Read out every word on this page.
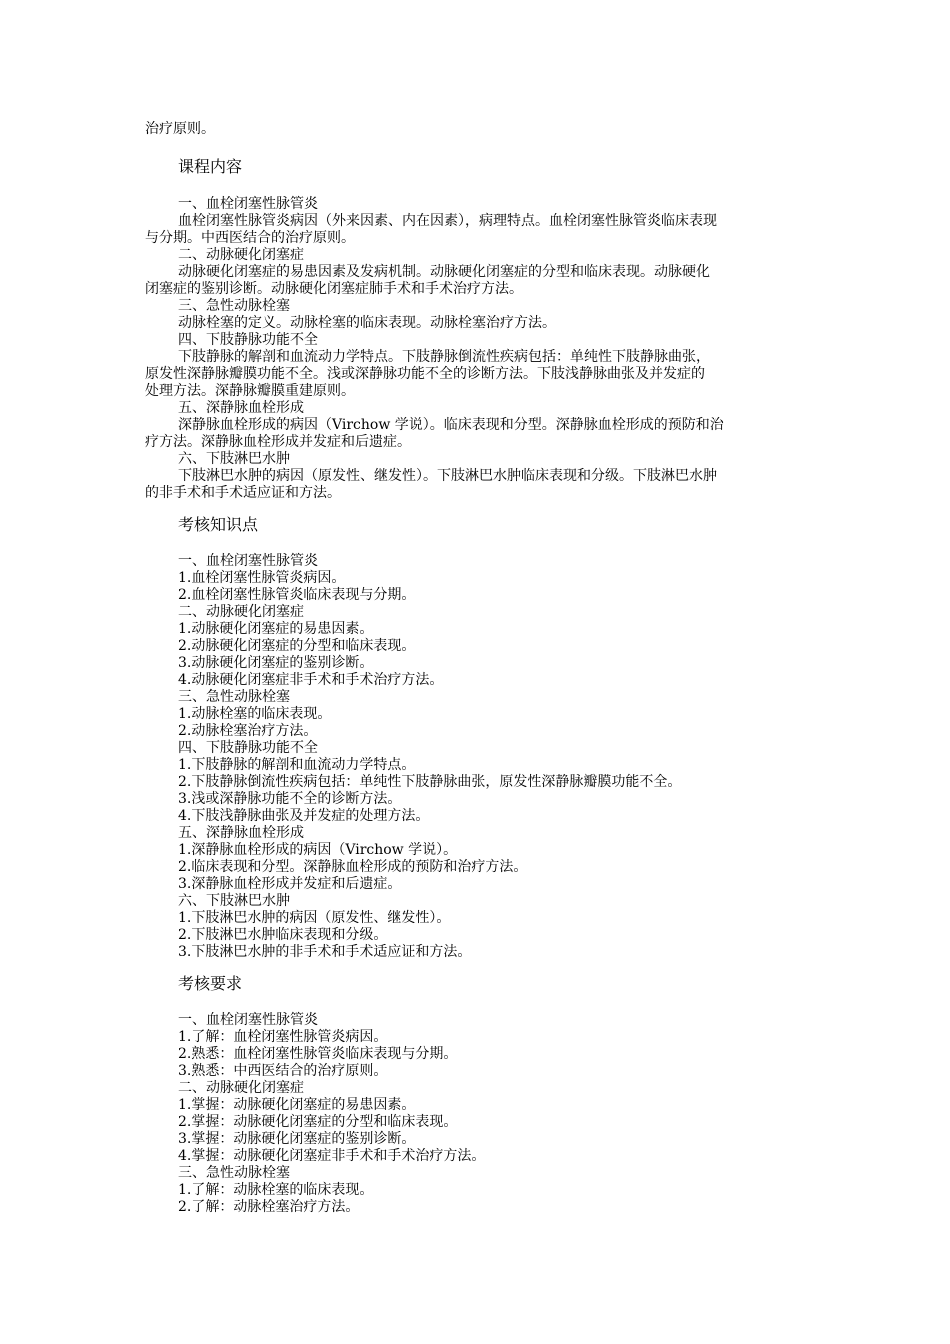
治疗原则。
课程内容
一、血栓闭塞性脉管炎
血栓闭塞性脉管炎病因（外来因素、内在因素），病理特点。血栓闭塞性脉管炎临床表现
与分期。中西医结合的治疗原则。
二、动脉硬化闭塞症
动脉硬化闭塞症的易患因素及发病机制。动脉硬化闭塞症的分型和临床表现。动脉硬化
闭塞症的鉴别诊断。动脉硬化闭塞症肺手术和手术治疗方法。
三、急性动脉栓塞
动脉栓塞的定义。动脉栓塞的临床表现。动脉栓塞治疗方法。
四、下肢静脉功能不全
下肢静脉的解剖和血流动力学特点。下肢静脉倒流性疾病包括：单纯性下肢静脉曲张，
原发性深静脉瓣膜功能不全。浅或深静脉功能不全的诊断方法。下肢浅静脉曲张及并发症的
处理方法。深静脉瓣膜重建原则。
五、深静脉血栓形成
深静脉血栓形成的病因（Virchow 学说）。临床表现和分型。深静脉血栓形成的预防和治
疗方法。深静脉血栓形成并发症和后遗症。
六、下肢淋巴水肿
下肢淋巴水肿的病因（原发性、继发性）。下肢淋巴水肿临床表现和分级。下肢淋巴水肿
的非手术和手术适应证和方法。
考核知识点
一、血栓闭塞性脉管炎
1.血栓闭塞性脉管炎病因。
2.血栓闭塞性脉管炎临床表现与分期。
二、动脉硬化闭塞症
1.动脉硬化闭塞症的易患因素。
2.动脉硬化闭塞症的分型和临床表现。
3.动脉硬化闭塞症的鉴别诊断。
4.动脉硬化闭塞症非手术和手术治疗方法。
三、急性动脉栓塞
1.动脉栓塞的临床表现。
2.动脉栓塞治疗方法。
四、下肢静脉功能不全
1.下肢静脉的解剖和血流动力学特点。
2.下肢静脉倒流性疾病包括：单纯性下肢静脉曲张，原发性深静脉瓣膜功能不全。
3.浅或深静脉功能不全的诊断方法。
4.下肢浅静脉曲张及并发症的处理方法。
五、深静脉血栓形成
1.深静脉血栓形成的病因（Virchow 学说）。
2.临床表现和分型。深静脉血栓形成的预防和治疗方法。
3.深静脉血栓形成并发症和后遗症。
六、下肢淋巴水肿
1.下肢淋巴水肿的病因（原发性、继发性）。
2.下肢淋巴水肿临床表现和分级。
3.下肢淋巴水肿的非手术和手术适应证和方法。
考核要求
一、血栓闭塞性脉管炎
1.了解：血栓闭塞性脉管炎病因。
2.熟悉：血栓闭塞性脉管炎临床表现与分期。
3.熟悉：中西医结合的治疗原则。
二、动脉硬化闭塞症
1.掌握：动脉硬化闭塞症的易患因素。
2.掌握：动脉硬化闭塞症的分型和临床表现。
3.掌握：动脉硬化闭塞症的鉴别诊断。
4.掌握：动脉硬化闭塞症非手术和手术治疗方法。
三、急性动脉栓塞
1.了解：动脉栓塞的临床表现。
2.了解：动脉栓塞治疗方法。
